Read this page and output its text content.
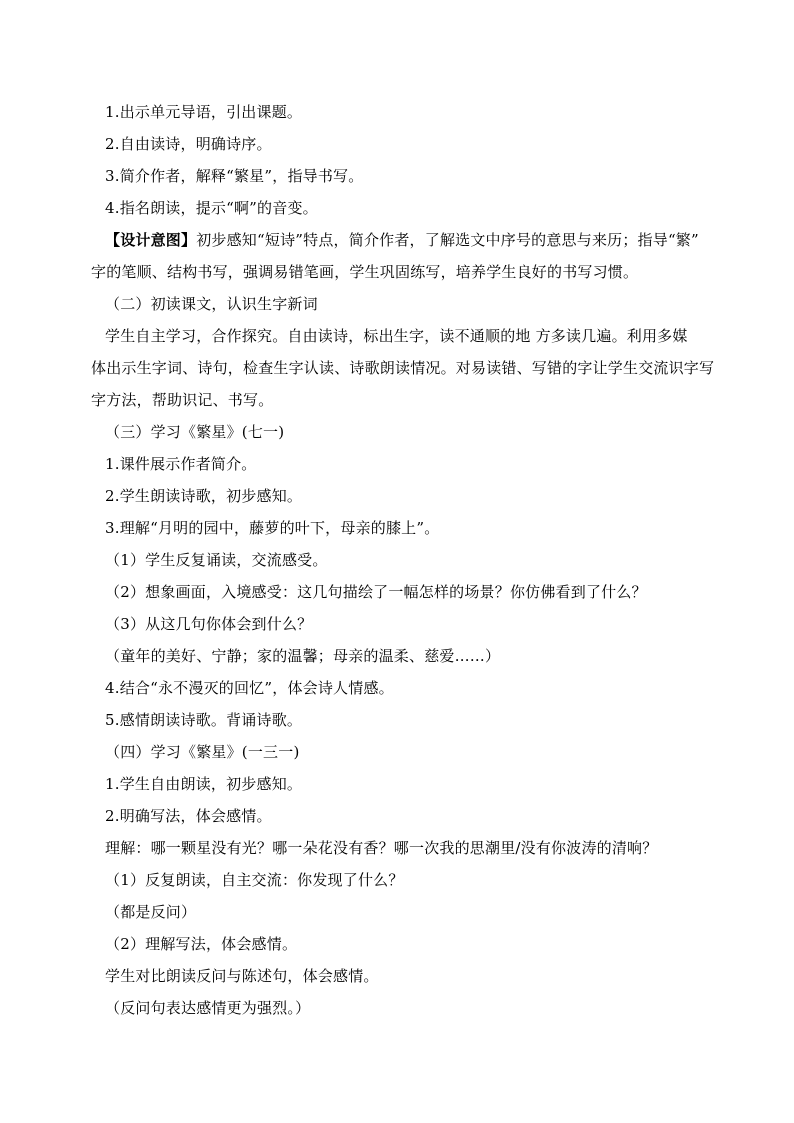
1.出示单元导语，引出课题。
2.自由读诗，明确诗序。
3.简介作者，解释“繁星”，指导书写。
4.指名朗读，提示“啊”的音变。
【设计意图】初步感知“短诗”特点，简介作者，了解选文中序号的意思与来历；指导“繁”
字的笔顺、结构书写，强调易错笔画，学生巩固练写，培养学生良好的书写习惯。
（二）初读课文，认识生字新词
学生自主学习，合作探究。自由读诗，标出生字，读不通顺的地 方多读几遍。利用多媒
体出示生字词、诗句，检查生字认读、诗歌朗读情况。对易读错、写错的字让学生交流识字写
字方法，帮助识记、书写。
（三）学习《繁星》(七一)
1.课件展示作者简介。
2.学生朗读诗歌，初步感知。
3.理解“月明的园中，藤萝的叶下，母亲的膝上”。
（1）学生反复诵读，交流感受。
（2）想象画面，入境感受：这几句描绘了一幅怎样的场景？你仿佛看到了什么？
（3）从这几句你体会到什么？
（童年的美好、宁静；家的温馨；母亲的温柔、慈爱……）
4.结合“永不漫灭的回忆”，体会诗人情感。
5.感情朗读诗歌。背诵诗歌。
（四）学习《繁星》(一三一)
1.学生自由朗读，初步感知。
2.明确写法，体会感情。
理解：哪一颗星没有光？哪一朵花没有香？哪一次我的思潮里/没有你波涛的清响？
（1）反复朗读，自主交流：你发现了什么？
（都是反问）
（2）理解写法，体会感情。
学生对比朗读反问与陈述句，体会感情。
（反问句表达感情更为强烈。）
